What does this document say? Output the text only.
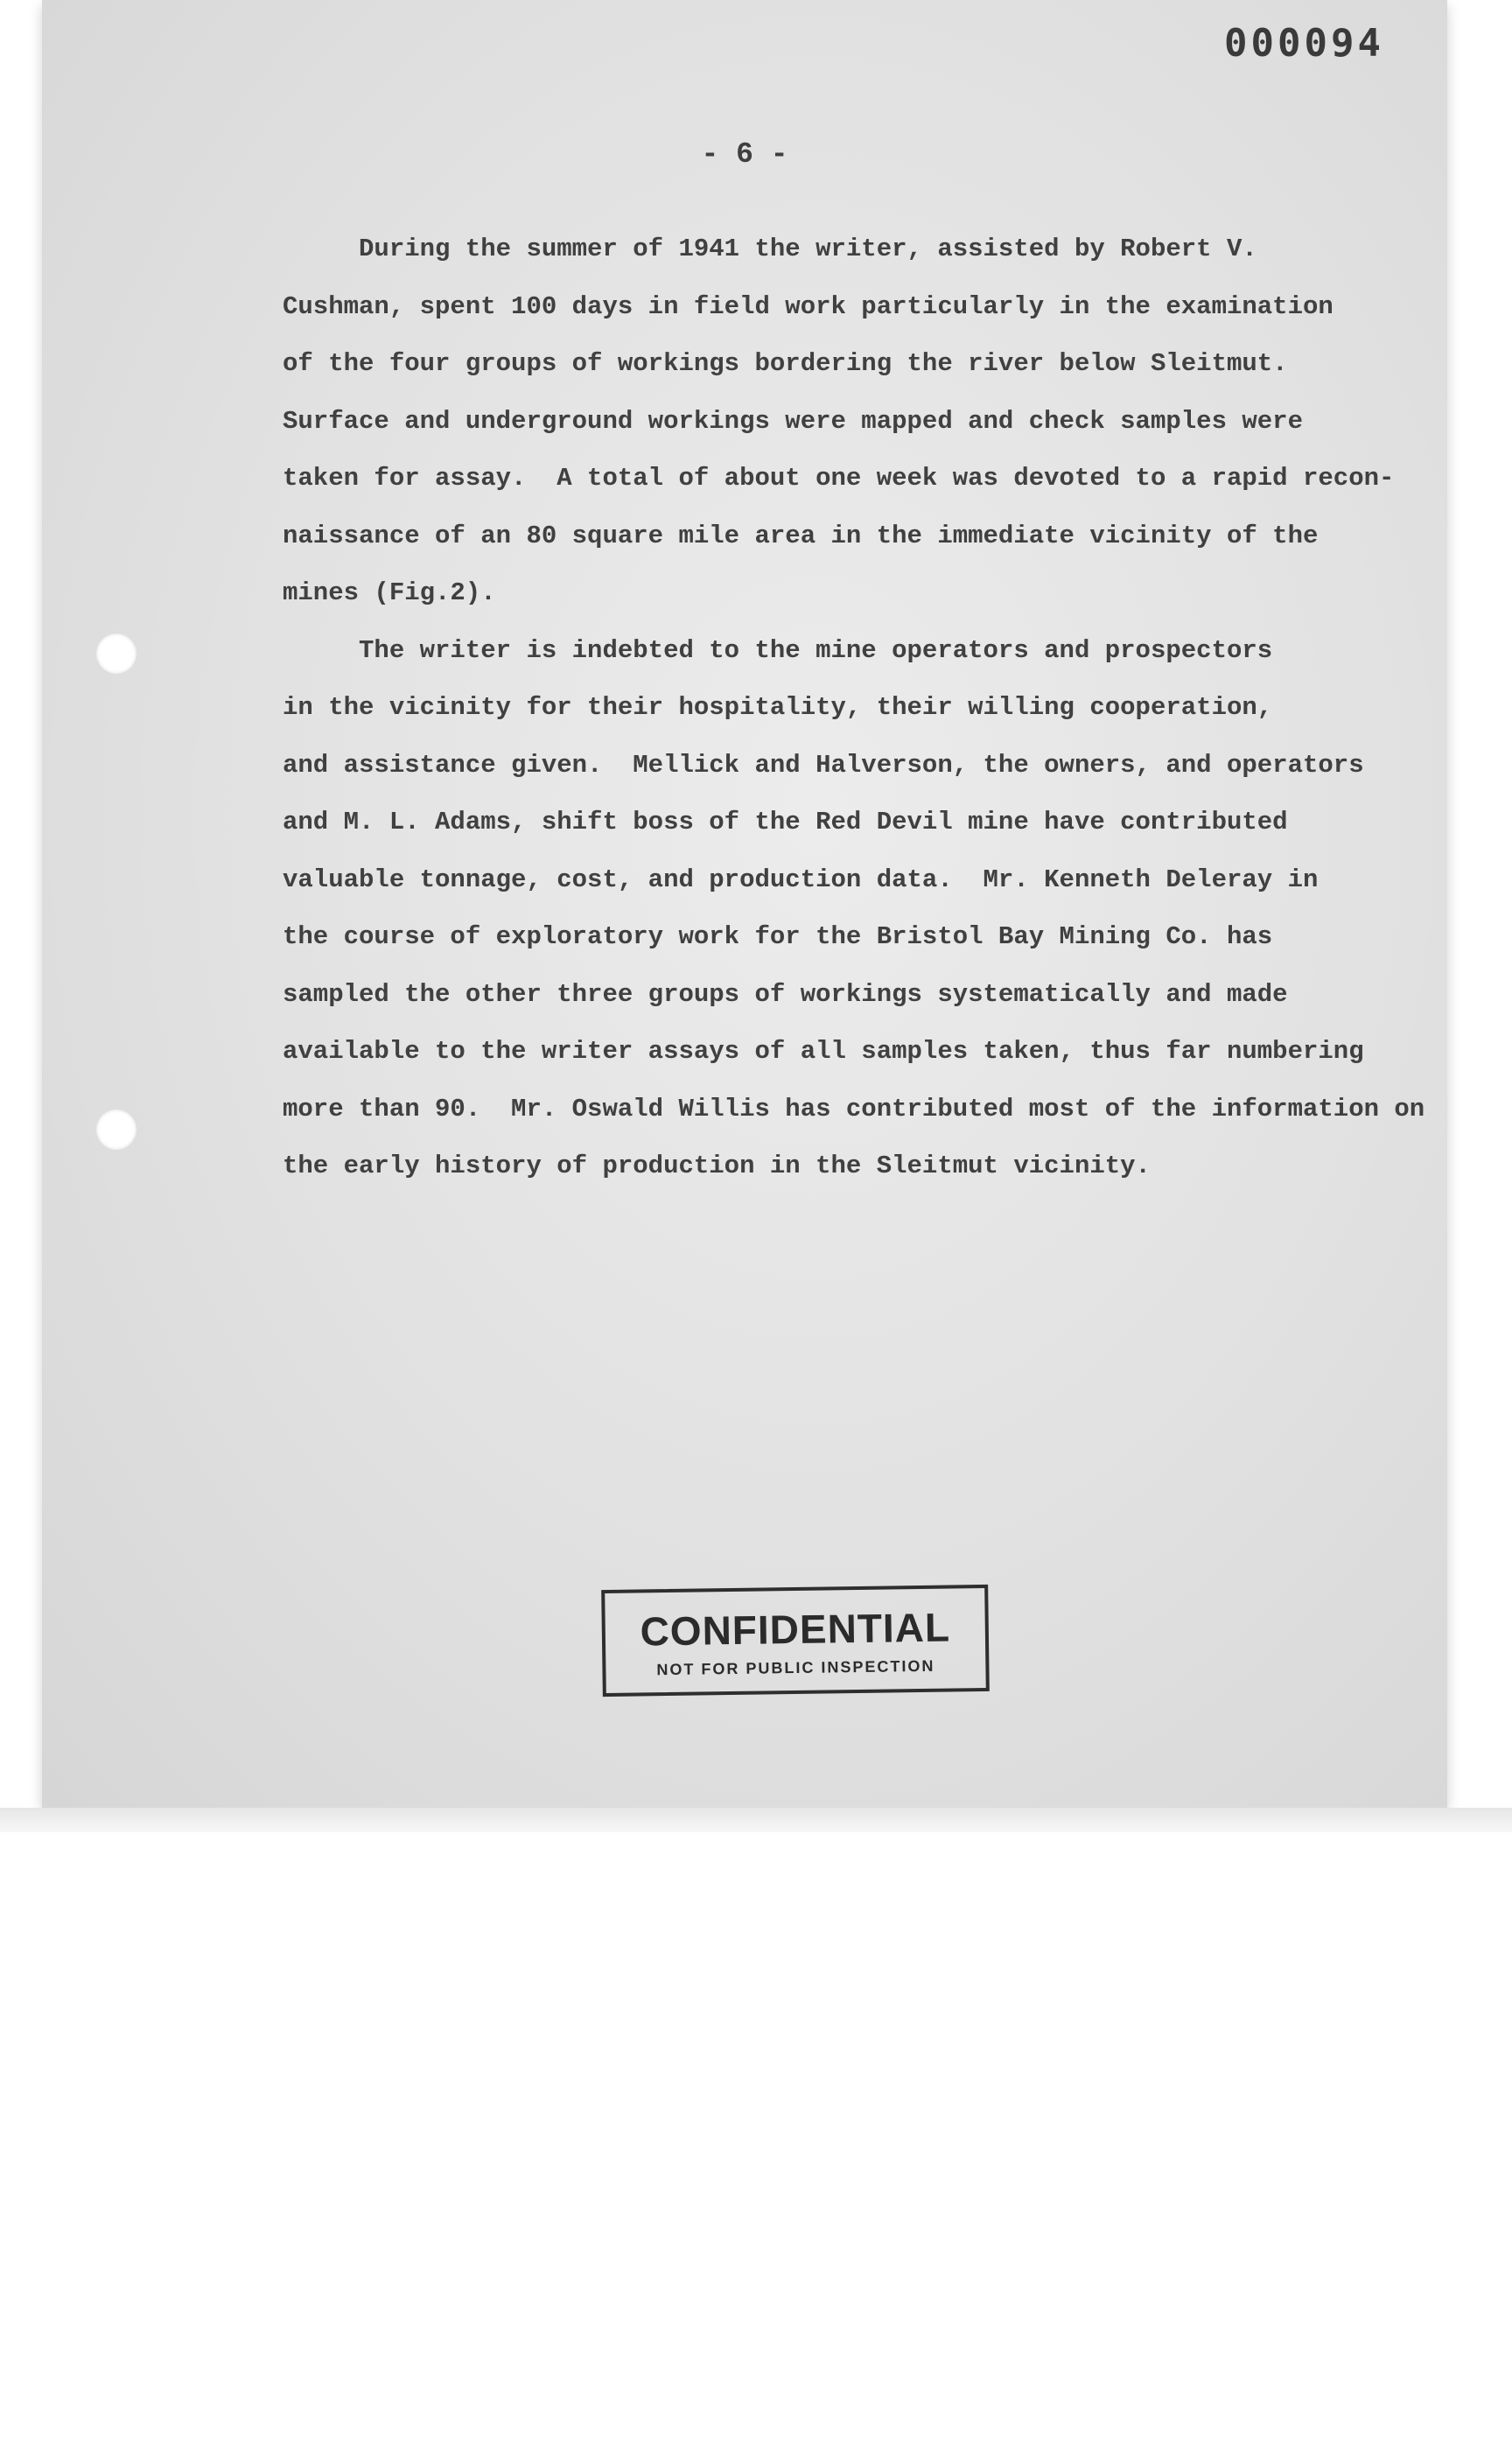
000094
- 6 -
During the summer of 1941 the writer, assisted by Robert V.
Cushman, spent 100 days in field work particularly in the examination
of the four groups of workings bordering the river below Sleitmut.
Surface and underground workings were mapped and check samples were
taken for assay.  A total of about one week was devoted to a rapid recon-
naissance of an 80 square mile area in the immediate vicinity of the
mines (Fig.2).
The writer is indebted to the mine operators and prospectors
in the vicinity for their hospitality, their willing cooperation,
and assistance given.  Mellick and Halverson, the owners, and operators
and M. L. Adams, shift boss of the Red Devil mine have contributed
valuable tonnage, cost, and production data.  Mr. Kenneth Deleray in
the course of exploratory work for the Bristol Bay Mining Co. has
sampled the other three groups of workings systematically and made
available to the writer assays of all samples taken, thus far numbering
more than 90.  Mr. Oswald Willis has contributed most of the information on
the early history of production in the Sleitmut vicinity.
CONFIDENTIAL
NOT FOR PUBLIC INSPECTION
